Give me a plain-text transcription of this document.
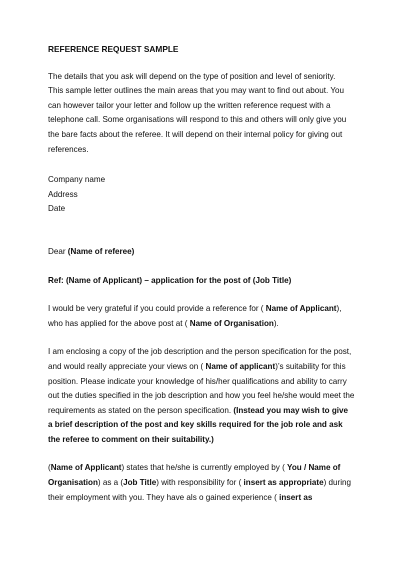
REFERENCE REQUEST SAMPLE
The details that you ask will depend on the type of position and level of seniority.
This sample letter outlines the main areas that you may want to find out about. You
can however tailor your letter and follow up the written reference request with a
telephone call. Some organisations will respond to this and others will only give you
the bare facts about the referee. It will depend on their internal policy for giving out
references.
Company name
Address
Date
Dear (Name of referee)
Ref: (Name of Applicant) – application for the post of (Job Title)
I would be very grateful if you could provide a reference for ( Name of Applicant),
who has applied for the above post at ( Name of Organisation).
I am enclosing a copy of the job description and the person specification for the post,
and would really appreciate your views on ( Name of applicant)’s suitability for this
position. Please indicate your knowledge of his/her qualifications and ability to carry
out the duties specified in the job description and how you feel he/she would meet the
requirements as stated on the person specification. (Instead you may wish to give
a brief description of the post and key skills required for the job role and ask
the referee to comment on their suitability.)
(Name of Applicant) states that he/she is currently employed by ( You / Name of
Organisation) as a (Job Title) with responsibility for ( insert as appropriate) during
their employment with you. They have als o gained experience ( insert as
